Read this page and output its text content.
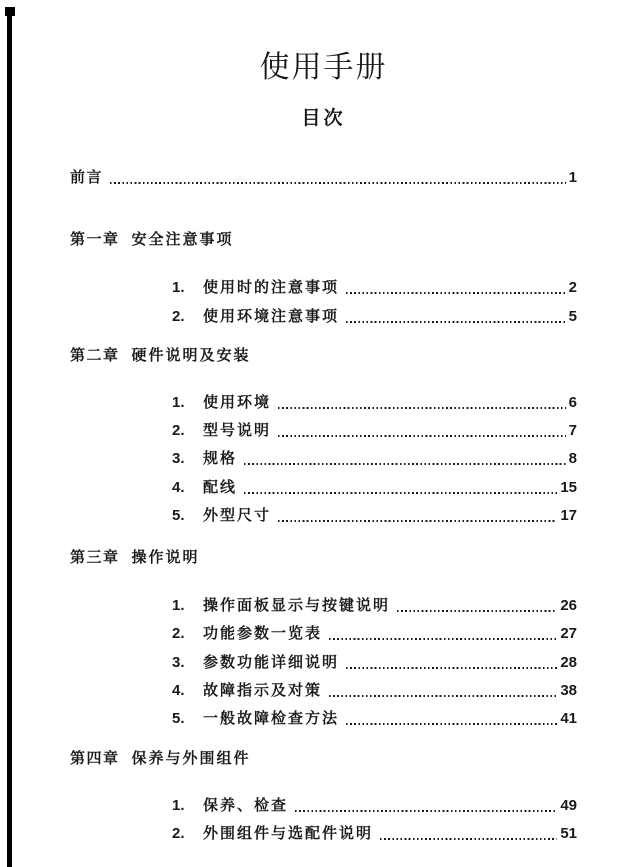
使用手册
目次
前言	1
第一章 安全注意事项
1.	使用时的注意事项	2
2.	使用环境注意事项	5
第二章 硬件说明及安装
1.	使用环境	6
2.	型号说明	7
3.	规格	8
4.	配线	15
5.	外型尺寸	17
第三章 操作说明
1.	操作面板显示与按键说明	26
2.	功能参数一览表	27
3.	参数功能详细说明	28
4.	故障指示及对策	38
5.	一般故障检查方法	41
第四章 保养与外围组件
1.	保养、检查	49
2.	外围组件与选配件说明	51
